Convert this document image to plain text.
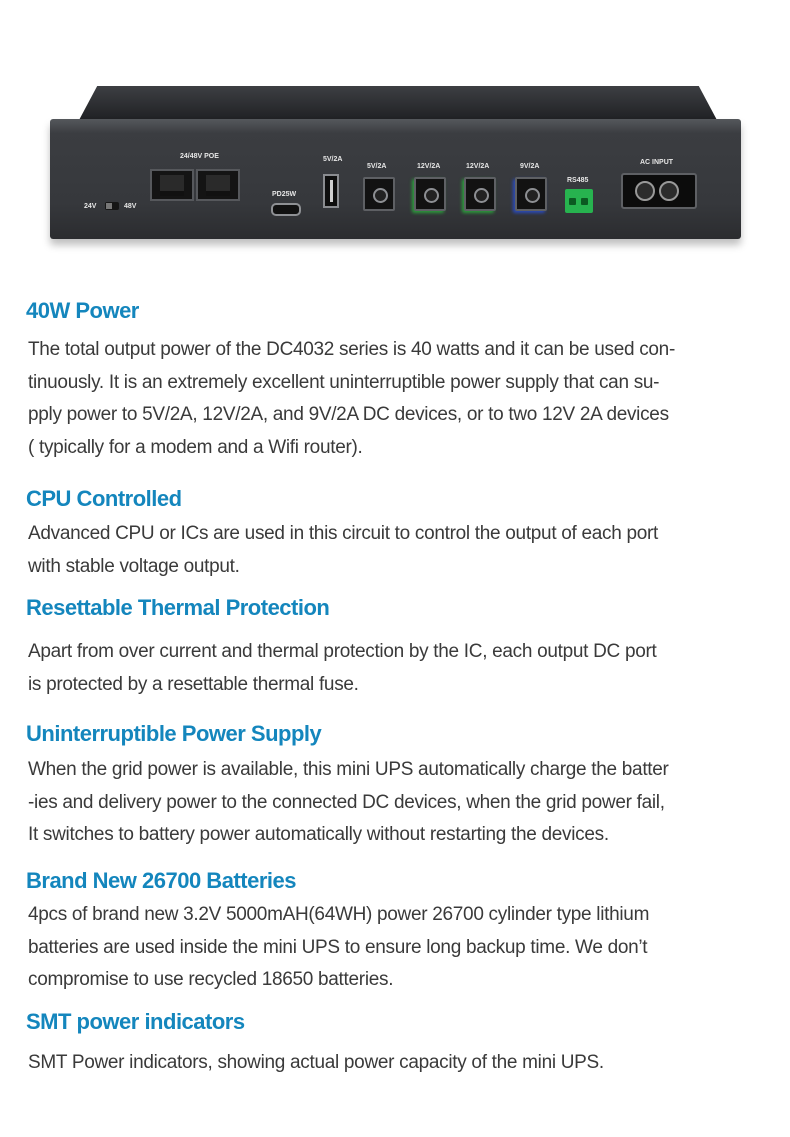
24V	48V
24/48V POE
PD25W
5V/2A
5V/2A	12V/2A	12V/2A	9V/2A
RS485
AC INPUT
40W Power

The total output power of the DC4032 series is 40 watts and it can be used con-
tinuously. It is an extremely excellent uninterruptible power supply that can su-
pply power to 5V/2A, 12V/2A, and 9V/2A DC devices, or to two 12V 2A devices
( typically for a modem and a Wifi router).

CPU Controlled

Advanced CPU or ICs are used in this circuit to control the output of each port
with stable voltage output.

Resettable Thermal Protection

Apart from over current and thermal protection by the IC, each output DC port
is protected by a resettable thermal fuse.

Uninterruptible Power Supply

When the grid power is available, this mini UPS automatically charge the batter
-ies and delivery power to the connected DC devices, when the grid power fail,
It switches to battery power automatically without restarting the devices.

Brand New 26700 Batteries

4pcs of brand new 3.2V 5000mAH(64WH) power 26700 cylinder type lithium
batteries are used inside the mini UPS to ensure long backup time. We don’t
compromise to use recycled 18650 batteries.

SMT power indicators

SMT Power indicators, showing actual power capacity of the mini UPS.
